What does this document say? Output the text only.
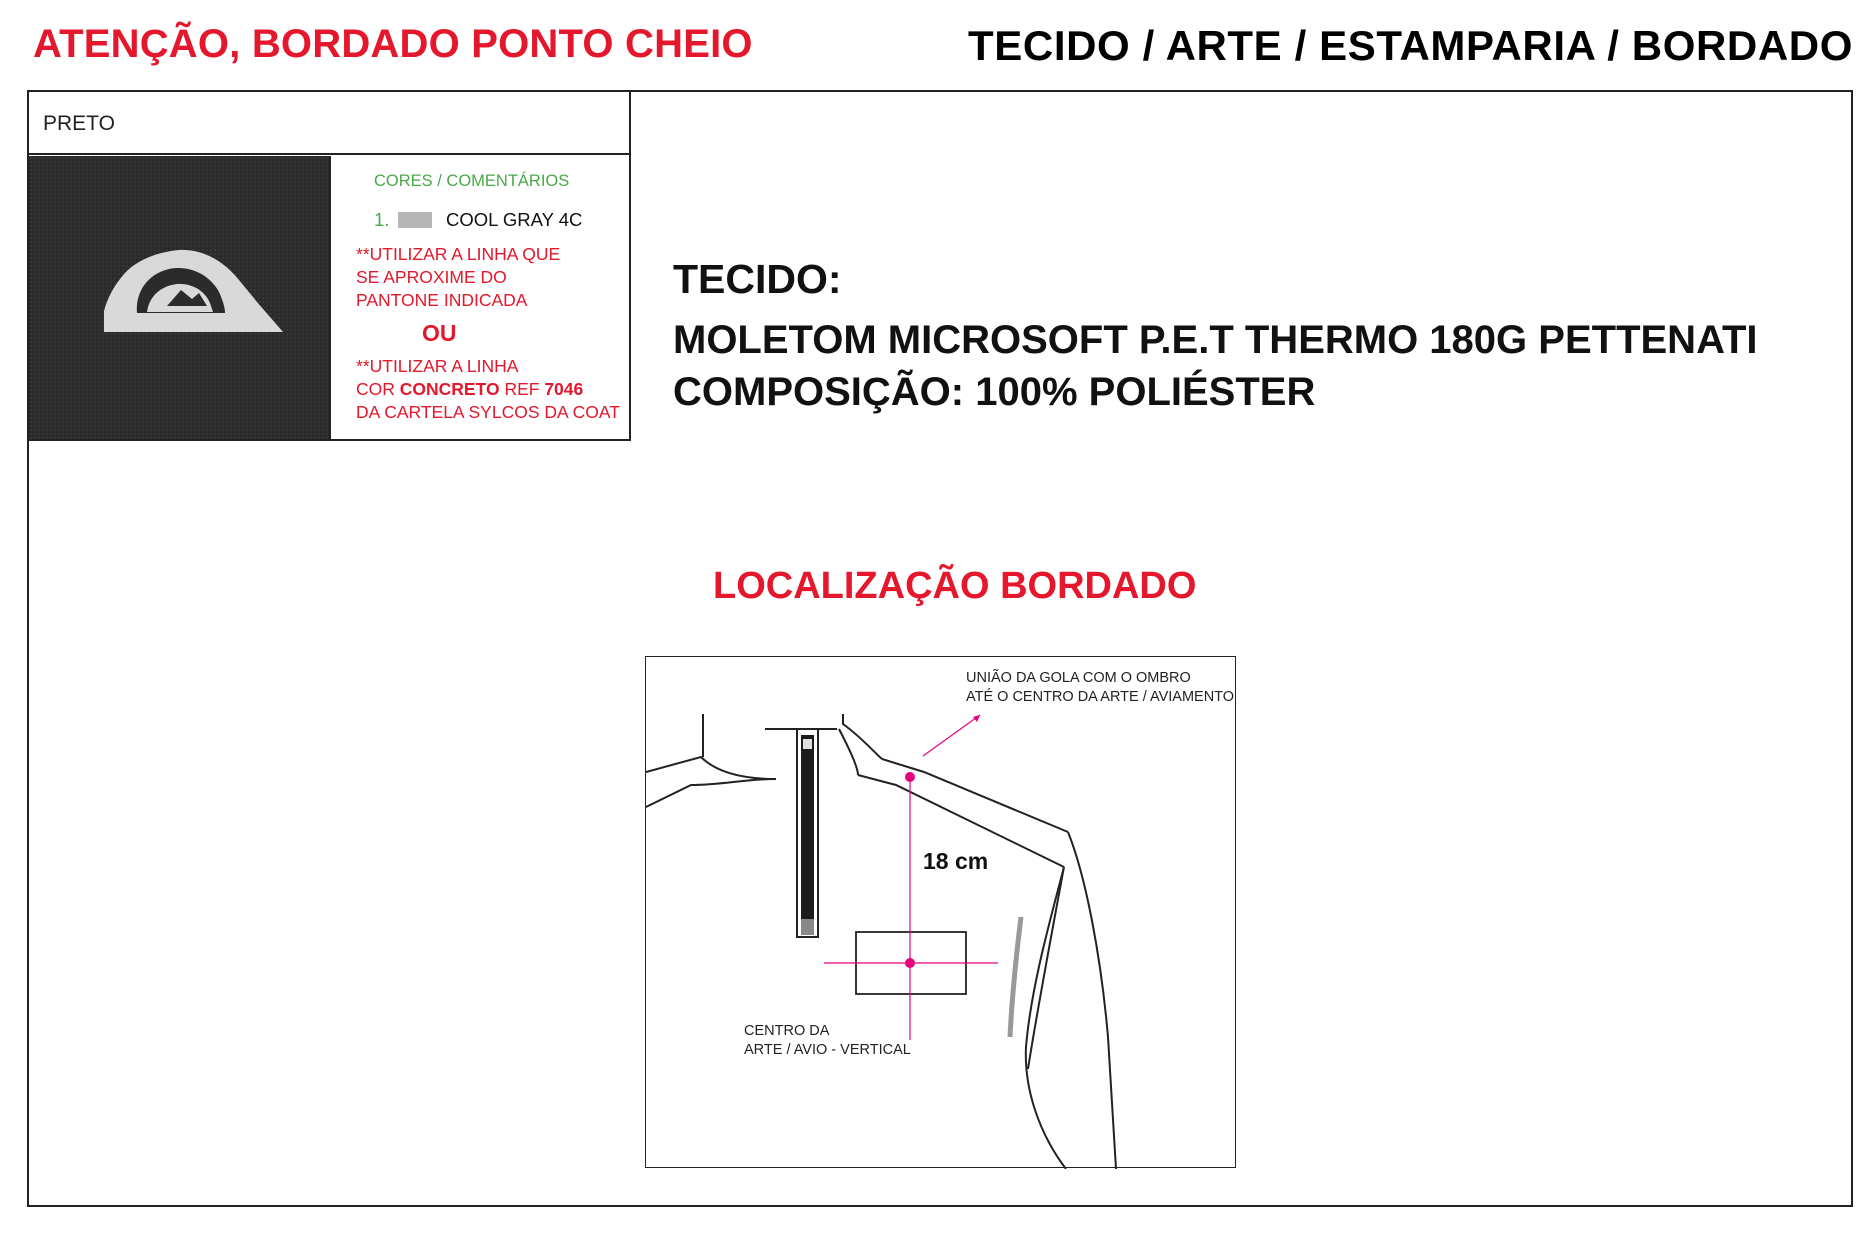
ATENÇÃO, BORDADO PONTO CHEIO	TECIDO / ARTE / ESTAMPARIA / BORDADO
PRETO
CORES / COMENTÁRIOS
1.	COOL GRAY 4C
**UTILIZAR A LINHA QUE
SE APROXIME DO
PANTONE INDICADA
OU
**UTILIZAR A LINHA
COR CONCRETO REF 7046
DA CARTELA SYLCOS DA COAT
TECIDO:
MOLETOM MICROSOFT P.E.T THERMO 180G PETTENATI
COMPOSIÇÃO: 100% POLIÉSTER
LOCALIZAÇÃO BORDADO
UNIÃO DA GOLA COM O OMBRO
ATÉ O CENTRO DA ARTE / AVIAMENTO
18 cm
CENTRO DA
ARTE / AVIO - VERTICAL
